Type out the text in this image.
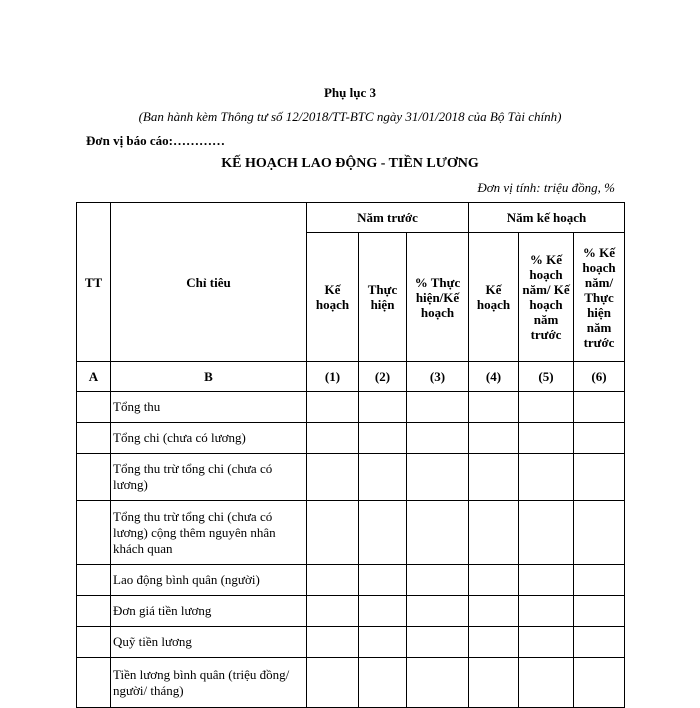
Phụ lục 3
(Ban hành kèm Thông tư số 12/2018/TT-BTC ngày 31/01/2018 của Bộ Tài chính)
Đơn vị báo cáo:…………
KẾ HOẠCH LAO ĐỘNG - TIỀN LƯƠNG
Đơn vị tính: triệu đồng, %
TT	Chỉ tiêu	Năm trước			Năm kế hoạch		
		Kế hoạch	Thực hiện	% Thực hiện/Kế hoạch	Kế hoạch	% Kế hoạch năm/ Kế hoạch năm trước	% Kế hoạch năm/ Thực hiện năm trước
A	B	(1)	(2)	(3)	(4)	(5)	(6)
	Tổng thu						
	Tổng chi (chưa có lương)						
	Tổng thu trừ tổng chi (chưa có lương)						
	Tổng thu trừ tổng chi (chưa có lương) cộng thêm nguyên nhân khách quan						
	Lao động bình quân (người)						
	Đơn giá tiền lương						
	Quỹ tiền lương						
	Tiền lương bình quân (triệu đồng/ người/ tháng)						
